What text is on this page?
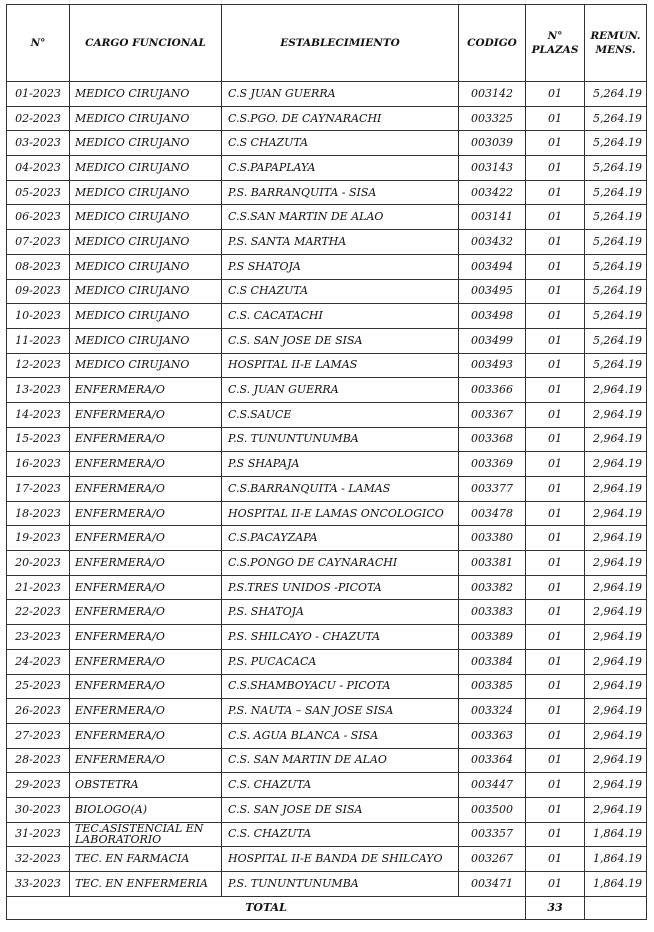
N°	CARGO FUNCIONAL	ESTABLECIMIENTO	CODIGO	N°
PLAZAS	REMUN.
MENS.
01-2023	MEDICO CIRUJANO	C.S JUAN GUERRA	003142	01	5,264.19
02-2023	MEDICO CIRUJANO	C.S.PGO. DE CAYNARACHI	003325	01	5,264.19
03-2023	MEDICO CIRUJANO	C.S CHAZUTA	003039	01	5,264.19
04-2023	MEDICO CIRUJANO	C.S.PAPAPLAYA	003143	01	5,264.19
05-2023	MEDICO CIRUJANO	P.S. BARRANQUITA - SISA	003422	01	5,264.19
06-2023	MEDICO CIRUJANO	C.S.SAN MARTIN DE ALAO	003141	01	5,264.19
07-2023	MEDICO CIRUJANO	P.S. SANTA MARTHA	003432	01	5,264.19
08-2023	MEDICO CIRUJANO	P.S SHATOJA	003494	01	5,264.19
09-2023	MEDICO CIRUJANO	C.S CHAZUTA	003495	01	5,264.19
10-2023	MEDICO CIRUJANO	C.S. CACATACHI	003498	01	5,264.19
11-2023	MEDICO CIRUJANO	C.S. SAN JOSE DE SISA	003499	01	5,264.19
12-2023	MEDICO CIRUJANO	HOSPITAL II-E LAMAS	003493	01	5,264.19
13-2023	ENFERMERA/O	C.S. JUAN GUERRA	003366	01	2,964.19
14-2023	ENFERMERA/O	C.S.SAUCE	003367	01	2,964.19
15-2023	ENFERMERA/O	P.S. TUNUNTUNUMBA	003368	01	2,964.19
16-2023	ENFERMERA/O	P.S SHAPAJA	003369	01	2,964.19
17-2023	ENFERMERA/O	C.S.BARRANQUITA - LAMAS	003377	01	2,964.19
18-2023	ENFERMERA/O	HOSPITAL II-E LAMAS ONCOLOGICO	003478	01	2,964.19
19-2023	ENFERMERA/O	C.S.PACAYZAPA	003380	01	2,964.19
20-2023	ENFERMERA/O	C.S.PONGO DE CAYNARACHI	003381	01	2,964.19
21-2023	ENFERMERA/O	P.S.TRES UNIDOS -PICOTA	003382	01	2,964.19
22-2023	ENFERMERA/O	P.S. SHATOJA	003383	01	2,964.19
23-2023	ENFERMERA/O	P.S. SHILCAYO - CHAZUTA	003389	01	2,964.19
24-2023	ENFERMERA/O	P.S. PUCACACA	003384	01	2,964.19
25-2023	ENFERMERA/O	C.S.SHAMBOYACU - PICOTA	003385	01	2,964.19
26-2023	ENFERMERA/O	P.S. NAUTA – SAN JOSE SISA	003324	01	2,964.19
27-2023	ENFERMERA/O	C.S. AGUA BLANCA - SISA	003363	01	2,964.19
28-2023	ENFERMERA/O	C.S. SAN MARTIN DE ALAO	003364	01	2,964.19
29-2023	OBSTETRA	C.S. CHAZUTA	003447	01	2,964.19
30-2023	BIOLOGO(A)	C.S. SAN JOSE DE SISA	003500	01	2,964.19
31-2023	TEC.ASISTENCIAL EN LABORATORIO	C.S. CHAZUTA	003357	01	1,864.19
32-2023	TEC. EN FARMACIA	HOSPITAL II-E BANDA DE SHILCAYO	003267	01	1,864.19
33-2023	TEC. EN ENFERMERIA	P.S. TUNUNTUNUMBA	003471	01	1,864.19
TOTAL				33	
